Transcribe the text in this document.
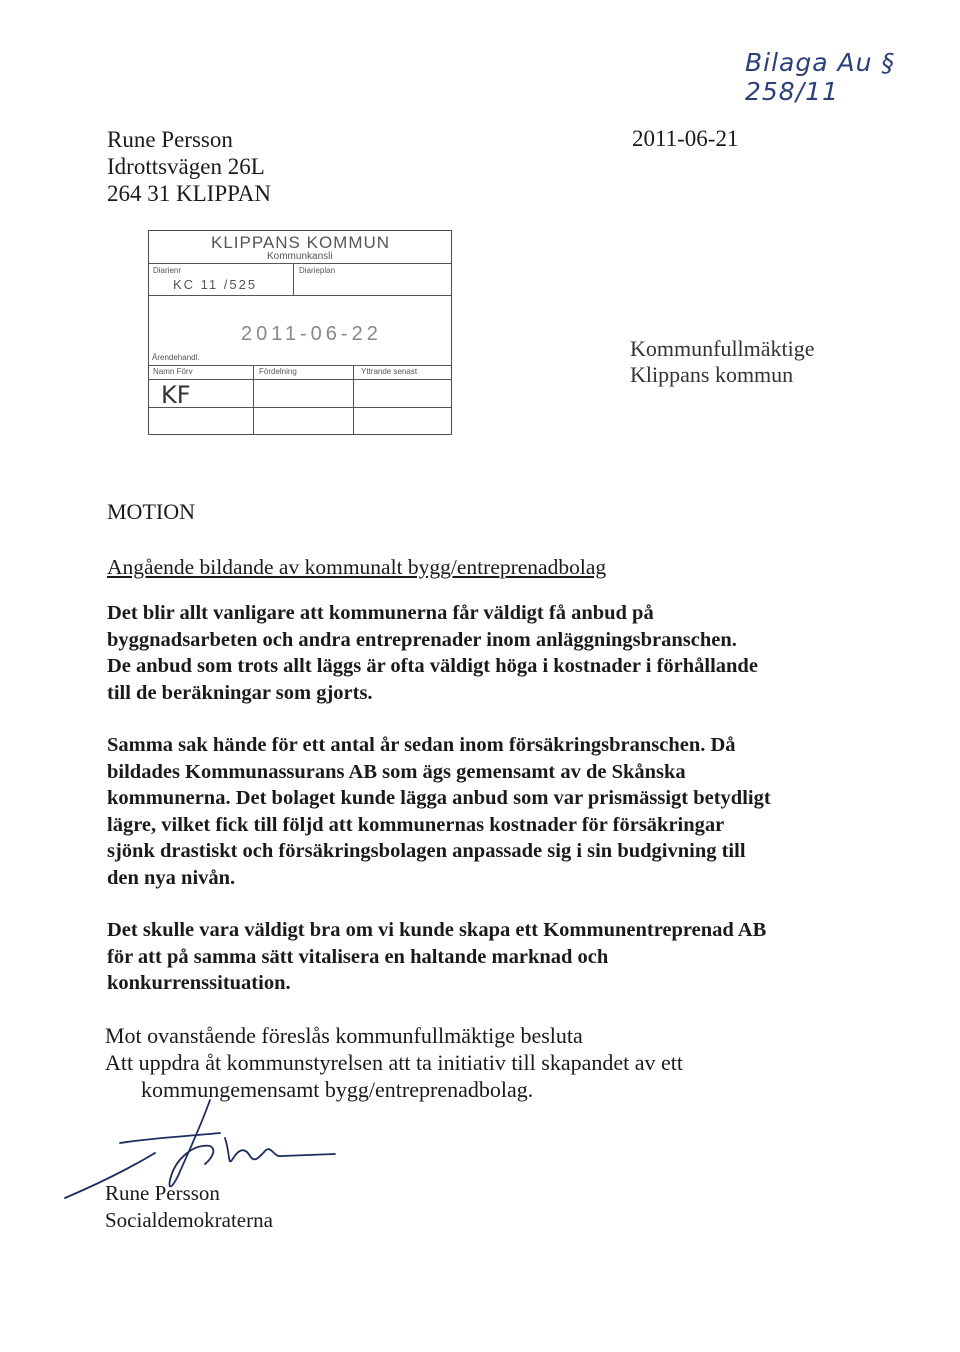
Bilaga Au § 258/11
Rune Persson
Idrottsvägen 26L
264 31 KLIPPAN
2011-06-21
KLIPPANS KOMMUN
Kommunkansli
Diarienr
KC 11 /525
Diarieplan
2011-06-22
Ärendehandl.
Namn Förv	Fördelning	Yttrande senast
KF
Kommunfullmäktige
Klippans kommun
MOTION
Angående bildande av kommunalt bygg/entreprenadbolag
Det blir allt vanligare att kommunerna får väldigt få anbud på
byggnadsarbeten och andra entreprenader inom anläggningsbranschen.
De anbud som trots allt läggs är ofta väldigt höga i kostnader i förhållande
till de beräkningar som gjorts.
Samma sak hände för ett antal år sedan inom försäkringsbranschen. Då
bildades Kommunassurans AB som ägs gemensamt av de Skånska
kommunerna. Det bolaget kunde lägga anbud som var prismässigt betydligt
lägre, vilket fick till följd att kommunernas kostnader för försäkringar
sjönk drastiskt och försäkringsbolagen anpassade sig i sin budgivning till
den nya nivån.
Det skulle vara väldigt bra om vi kunde skapa ett Kommunentreprenad AB
för att på samma sätt vitalisera en haltande marknad och
konkurrenssituation.
Mot ovanstående föreslås kommunfullmäktige besluta
Att uppdra åt kommunstyrelsen att ta initiativ till skapandet av ett
kommungemensamt bygg/entreprenadbolag.
Rune Persson
Socialdemokraterna
